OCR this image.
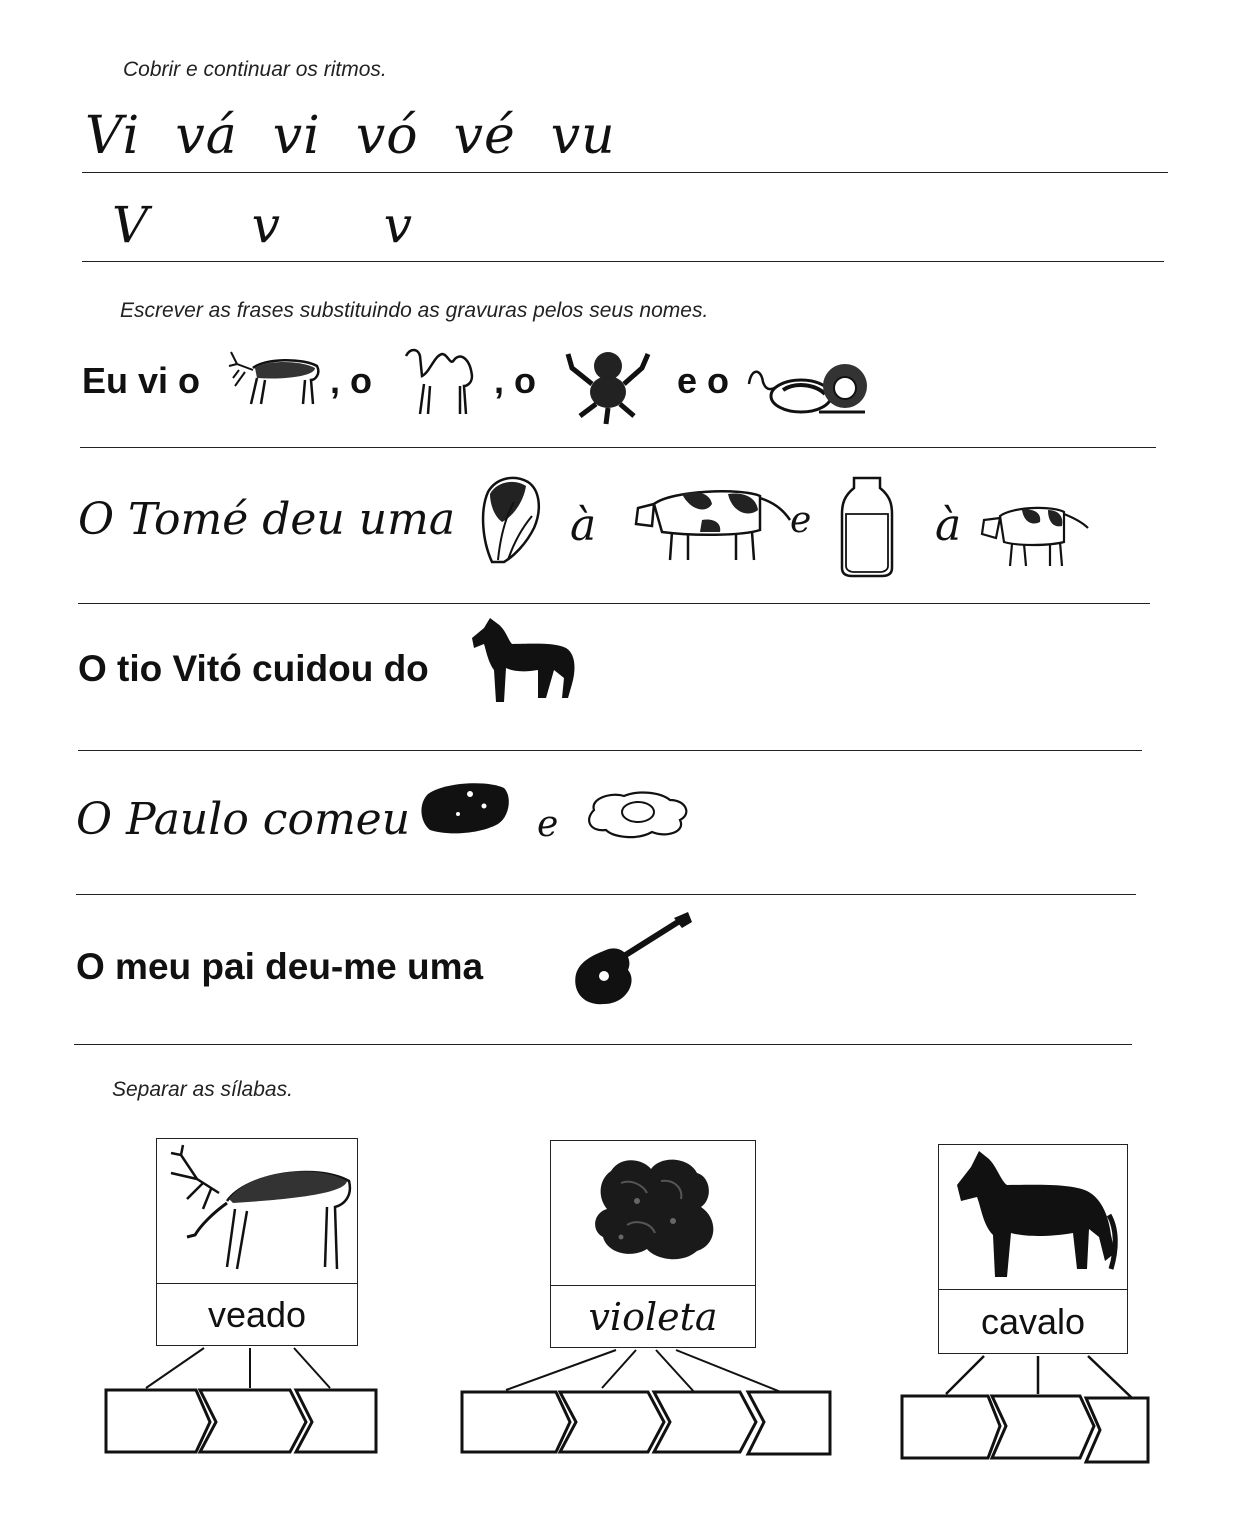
Cobrir e continuar os ritmos.
Vi  vá  vi  vó  vé  vu
V   v   v
Escrever as frases substituindo as gravuras pelos seus nomes.
Eu vi o	, o	, o	e o
O Tomé deu uma	à	e	à
O tio Vitó cuidou do
O Paulo comeu	e
O meu pai deu-me uma
Separar as sílabas.
veado	violeta	cavalo
